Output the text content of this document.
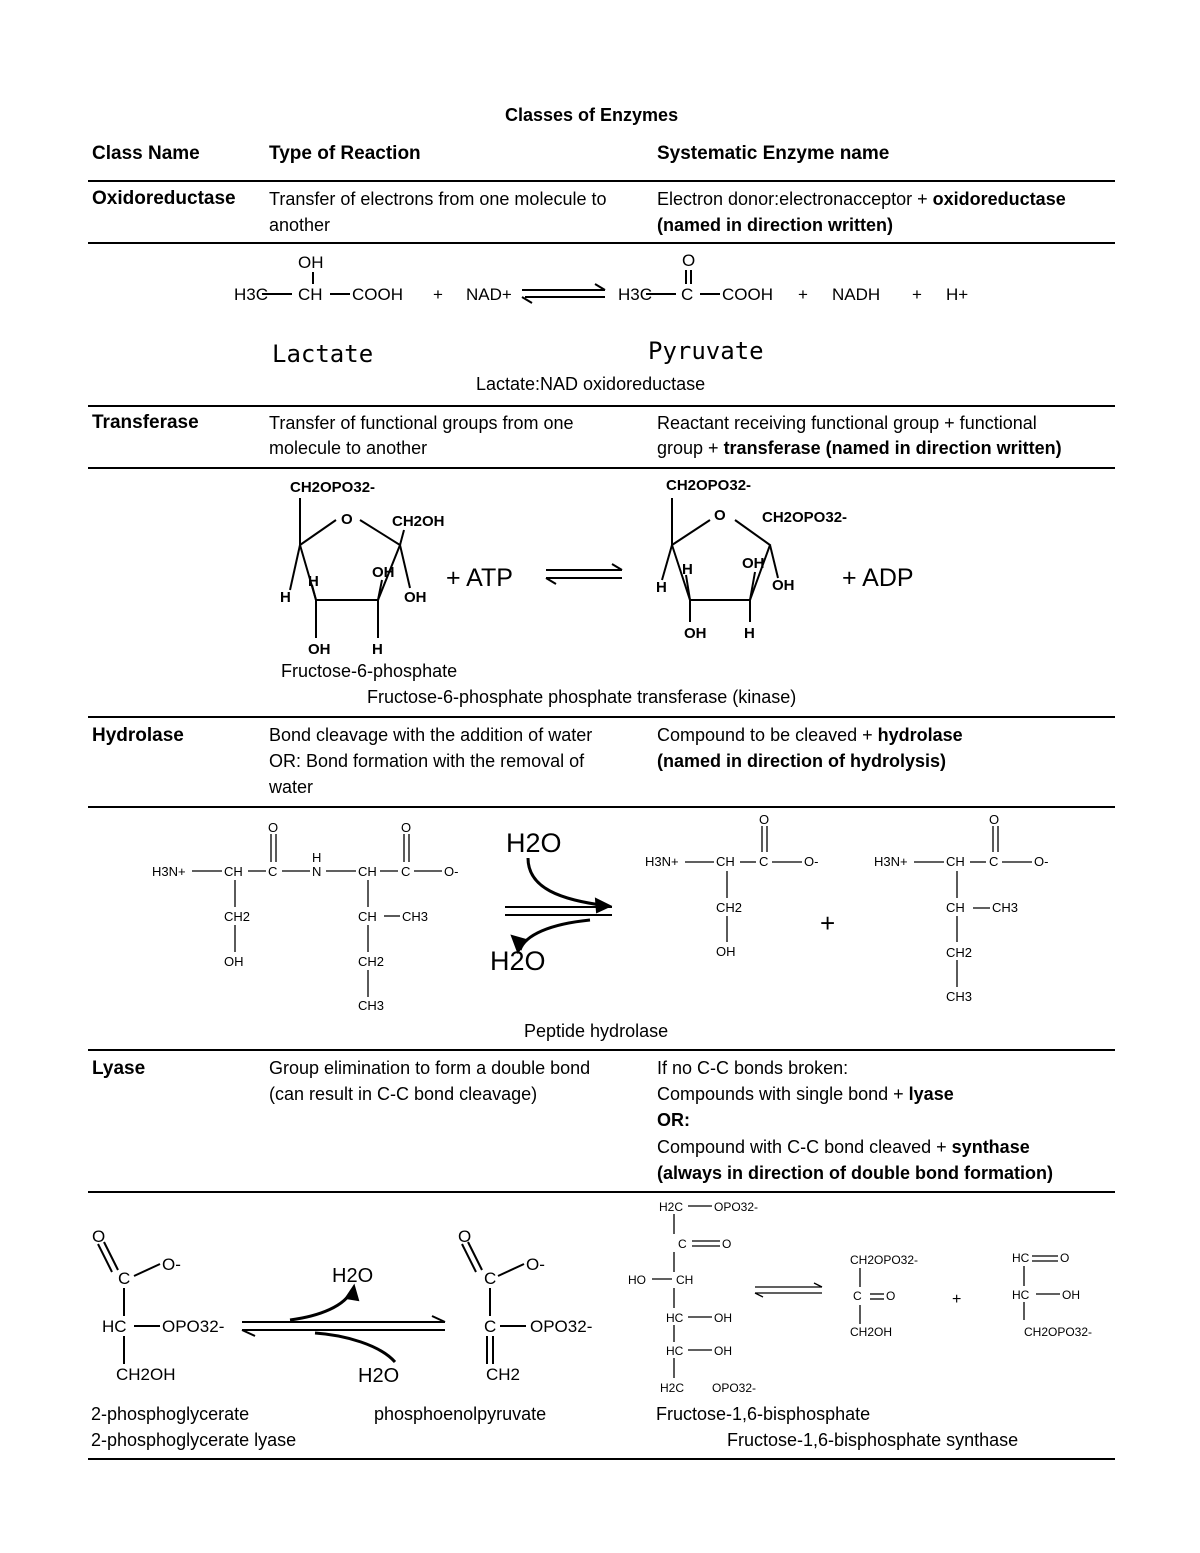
Classes of Enzymes
Class Name	Type of Reaction	Systematic Enzyme name
Oxidoreductase Transfer of electrons from one molecule to
another
Electron donor:electronacceptor + oxidoreductase
(named in direction written)
OH
H3C CH COOH + NAD+
O
H3C C COOH + NADH + H+
CH2OPO32-
O	CH2OH
H
H
OH
OH
OH	H
CH2OPO32-
O CH2OPO32-
H
H
OH
OH
OH	H
+ ATP	+ ADP
H3N+	CH C
O
H
N	CH C
O
O-
CH2
OH
CH CH3
CH2
CH3
H3N+	CH C
O
O-
CH2
OH
H3N+	CH C
O
O-
CH CH3
CH2
CH3
H2O
H2O
+
O
C
O-
HC OPO32-
CH2OH
O
C
O-
C OPO32-
CH2
H2O
H2O
H2C	OPO32-
C	O
HO	CH
HC	OH
HC	OH
H2C OPO32-
CH2OPO32-
C O
CH2OH
HC	O
HC	OH
CH2OPO32-
+
Lactate	Pyruvate
Lactate:NAD oxidoreductase
Transferase	Transfer of functional groups from one
molecule to another
Reactant receiving functional group + functional
group + transferase (named in direction written)
Fructose-6-phosphate
Fructose-6-phosphate phosphate transferase (kinase)
Hydrolase	Bond cleavage with the addition of water
OR: Bond formation with the removal of
water
Compound to be cleaved + hydrolase
(named in direction of hydrolysis)
Peptide hydrolase
Lyase	Group elimination to form a double bond
(can result in C-C bond cleavage)
If no C-C bonds broken:
Compounds with single bond + lyase
OR:
Compound with C-C bond cleaved + synthase
(always in direction of double bond formation)
2-phosphoglycerate	phosphoenolpyruvate	Fructose-1,6-bisphosphate
2-phosphoglycerate lyase	Fructose-1,6-bisphosphate synthase
